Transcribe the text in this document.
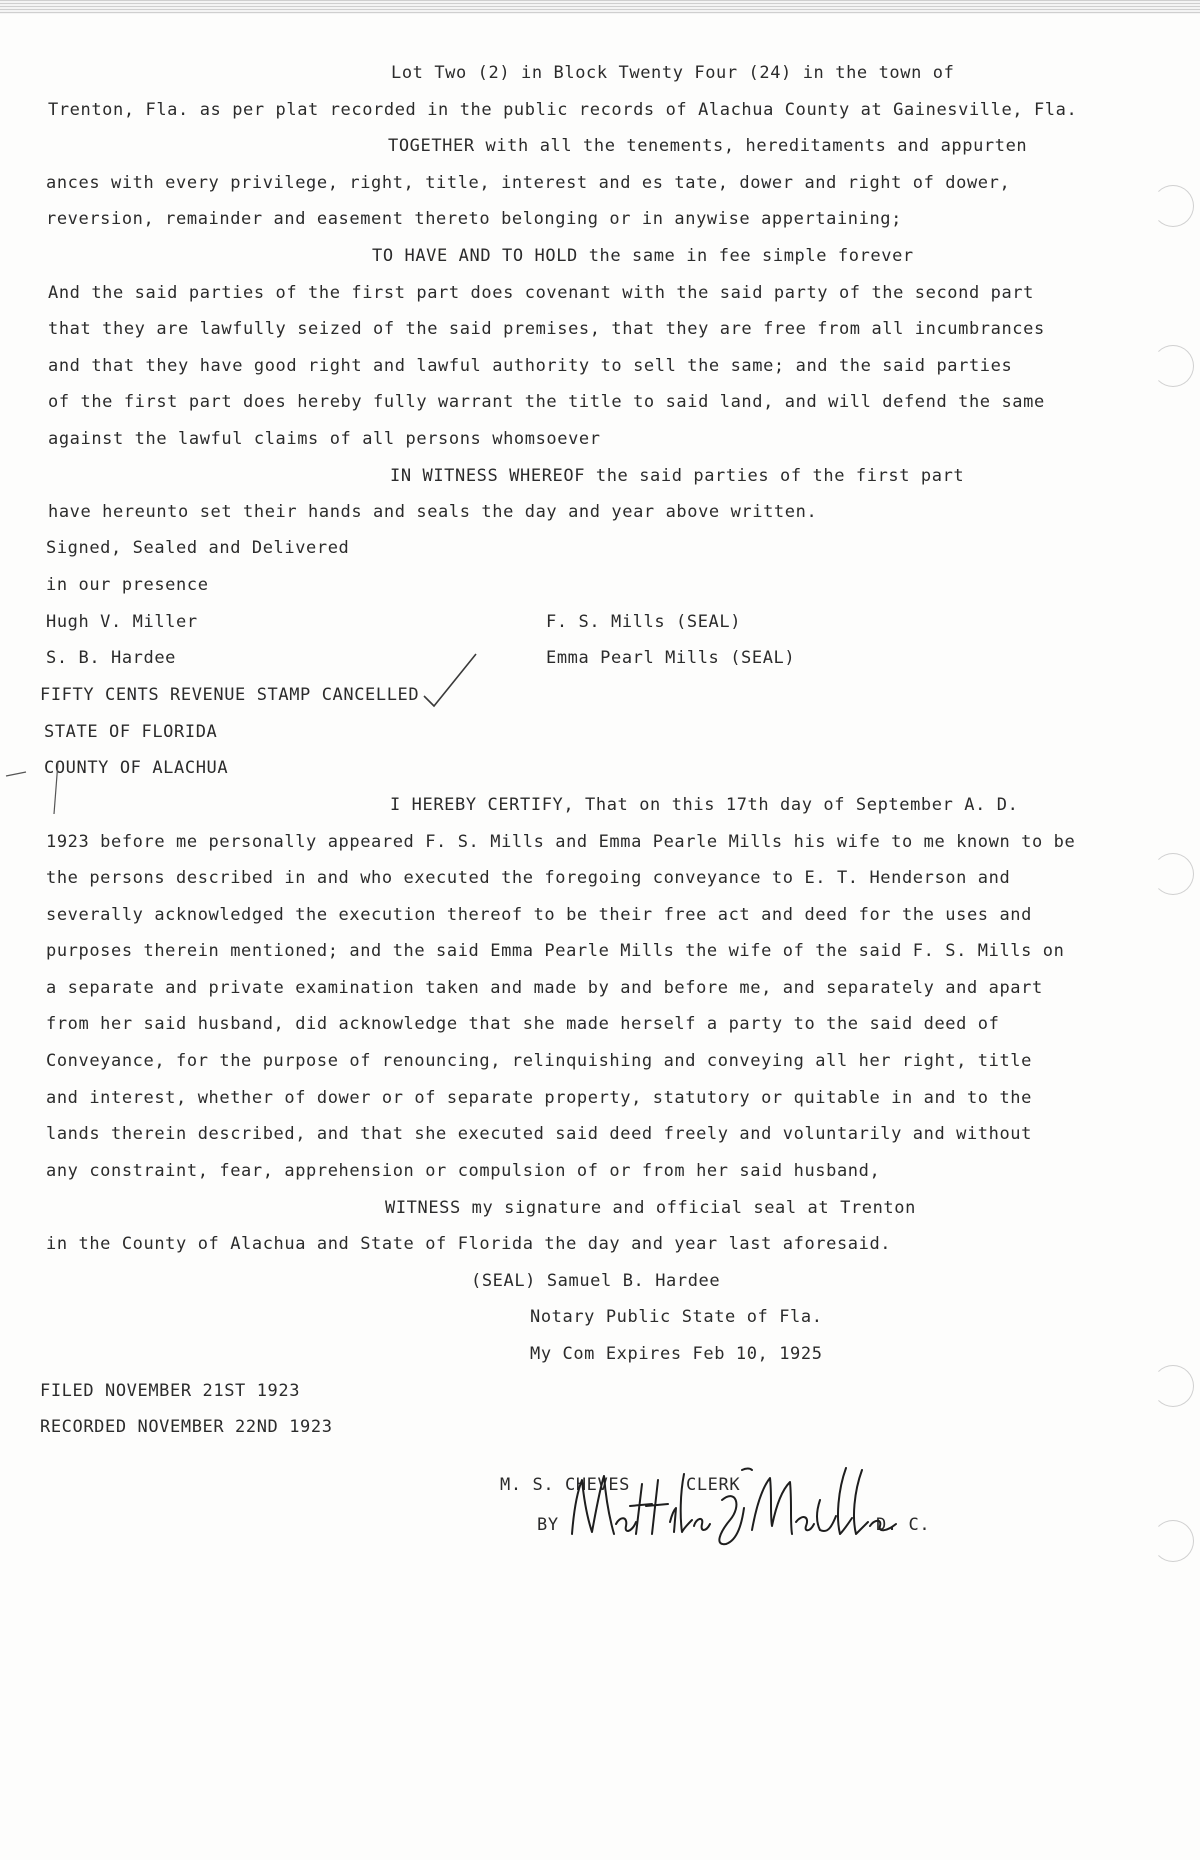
Lot Two (2) in Block Twenty Four (24) in the town of
Trenton, Fla. as per plat recorded in the public records of Alachua County at Gainesville, Fla.
TOGETHER with all the tenements, hereditaments and appurten
ances with every privilege, right, title, interest and es tate, dower and right of dower,
reversion, remainder and easement thereto belonging or in anywise appertaining;
TO HAVE AND TO HOLD the same in fee simple forever
And the said parties of the first part does covenant with the said party of the second part
that they are lawfully seized of the said premises, that they are free from all incumbrances
and that they have good right and lawful authority to sell the same; and the said parties
of the first part does hereby fully warrant the title to said land, and will defend the same
against the lawful claims of all persons whomsoever
IN WITNESS WHEREOF the said parties of the first part
have hereunto set their hands and seals the day and year above written.
Signed, Sealed and Delivered
in our presence
Hugh V. Miller	F. S. Mills (SEAL)
S. B. Hardee	Emma Pearl Mills (SEAL)
FIFTY CENTS REVENUE STAMP CANCELLED
STATE OF FLORIDA
COUNTY OF ALACHUA
I HEREBY CERTIFY, That on this 17th day of September A. D.
1923 before me personally appeared F. S. Mills and Emma Pearle Mills his wife to me known to be
the persons described in and who executed the foregoing conveyance to E. T. Henderson and
severally acknowledged the execution thereof to be their free act and deed for the uses and
purposes therein mentioned; and the said Emma Pearle Mills the wife of the said F. S. Mills on
a separate and private examination taken and made by and before me, and separately and apart
from her said husband, did acknowledge that she made herself a party to the said deed of
Conveyance, for the purpose of renouncing, relinquishing and conveying all her right, title
and interest, whether of dower or of separate property, statutory or quitable in and to the
lands therein described, and that she executed said deed freely and voluntarily and without
any constraint, fear, apprehension or compulsion of or from her said husband,
WITNESS my signature and official seal at Trenton
in the County of Alachua and State of Florida the day and year last aforesaid.
(SEAL) Samuel B. Hardee
Notary Public State of Fla.
My Com Expires Feb 10, 1925
FILED NOVEMBER 21ST 1923
RECORDED NOVEMBER 22ND 1923
M. S. CHEVES	CLERK
BY	D. C.
